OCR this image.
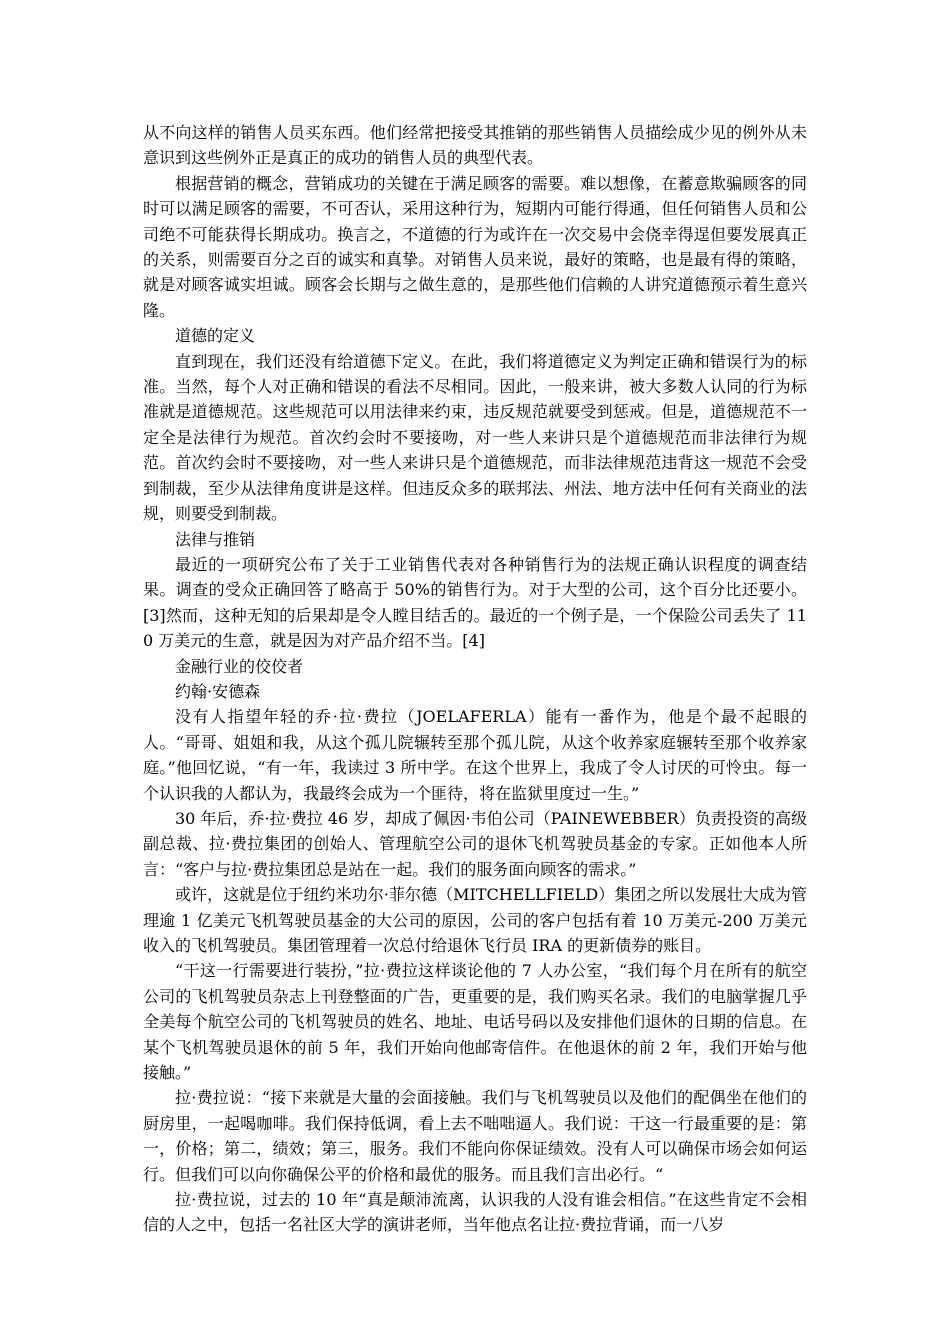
从不向这样的销售人员买东西。他们经常把接受其推销的那些销售人员描绘成少见的例外从未意识到这些例外正是真正的成功的销售人员的典型代表。

根据营销的概念，营销成功的关键在于满足顾客的需要。难以想像，在蓄意欺骗顾客的同时可以满足顾客的需要，不可否认，采用这种行为，短期内可能行得通，但任何销售人员和公司绝不可能获得长期成功。换言之，不道德的行为或许在一次交易中会侥幸得逞但要发展真正的关系，则需要百分之百的诚实和真挚。对销售人员来说，最好的策略，也是最有得的策略，就是对顾客诚实坦诚。顾客会长期与之做生意的，是那些他们信赖的人讲究道德预示着生意兴隆。

道德的定义

直到现在，我们还没有给道德下定义。在此，我们将道德定义为判定正确和错误行为的标准。当然，每个人对正确和错误的看法不尽相同。因此，一般来讲，被大多数人认同的行为标准就是道德规范。这些规范可以用法律来约束，违反规范就要受到惩戒。但是，道德规范不一定全是法律行为规范。首次约会时不要接吻，对一些人来讲只是个道德规范而非法律行为规范。首次约会时不要接吻，对一些人来讲只是个道德规范，而非法律规范违背这一规范不会受到制裁，至少从法律角度讲是这样。但违反众多的联邦法、州法、地方法中任何有关商业的法规，则要受到制裁。

法律与推销

最近的一项研究公布了关于工业销售代表对各种销售行为的法规正确认识程度的调查结果。调查的受众正确回答了略高于 50%的销售行为。对于大型的公司，这个百分比还要小。[3]然而，这种无知的后果却是令人瞠目结舌的。最近的一个例子是，一个保险公司丢失了 110 万美元的生意，就是因为对产品介绍不当。[4]

金融行业的佼佼者

约翰·安德森

没有人指望年轻的乔·拉·费拉（JOELAFERLA）能有一番作为，他是个最不起眼的人。“哥哥、姐姐和我，从这个孤儿院辗转至那个孤儿院，从这个收养家庭辗转至那个收养家庭。”他回忆说，“有一年，我读过 3 所中学。在这个世界上，我成了令人讨厌的可怜虫。每一个认识我的人都认为，我最终会成为一个匪待，将在监狱里度过一生。”

30 年后，乔·拉·费拉 46 岁，却成了佩因·韦伯公司（PAINEWEBBER）负责投资的高级副总裁、拉·费拉集团的创始人、管理航空公司的退休飞机驾驶员基金的专家。正如他本人所言：“客户与拉·费拉集团总是站在一起。我们的服务面向顾客的需求。”

或许，这就是位于纽约米功尔·菲尔德（MITCHELLFIELD）集团之所以发展壮大成为管理逾 1 亿美元飞机驾驶员基金的大公司的原因，公司的客户包括有着 10 万美元-200 万美元收入的飞机驾驶员。集团管理着一次总付给退休飞行员 IRA 的更新债券的账目。

“干这一行需要进行装扮，”拉·费拉这样谈论他的 7 人办公室，“我们每个月在所有的航空公司的飞机驾驶员杂志上刊登整面的广告，更重要的是，我们购买名录。我们的电脑掌握几乎全美每个航空公司的飞机驾驶员的姓名、地址、电话号码以及安排他们退休的日期的信息。在某个飞机驾驶员退休的前 5 年，我们开始向他邮寄信件。在他退休的前 2 年，我们开始与他接触。”

拉·费拉说：“接下来就是大量的会面接触。我们与飞机驾驶员以及他们的配偶坐在他们的厨房里，一起喝咖啡。我们保持低调，看上去不咄咄逼人。我们说：干这一行最重要的是：第一，价格；第二，绩效；第三，服务。我们不能向你保证绩效。没有人可以确保市场会如何运行。但我们可以向你确保公平的价格和最优的服务。而且我们言出必行。“

拉·费拉说，过去的 10 年“真是颠沛流离，认识我的人没有谁会相信。”在这些肯定不会相信的人之中，包括一名社区大学的演讲老师，当年他点名让拉·费拉背诵，而一八岁
